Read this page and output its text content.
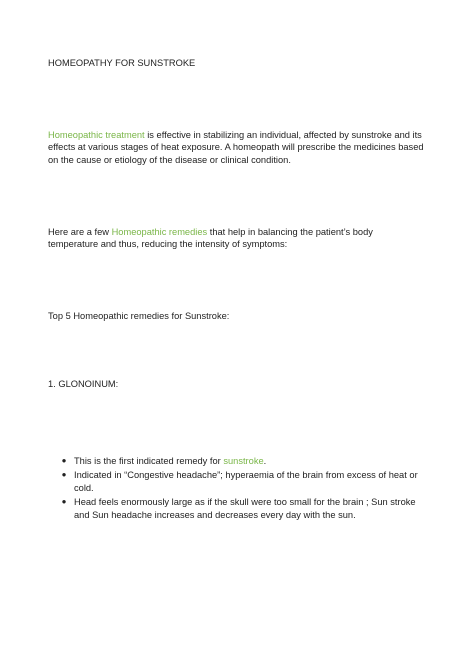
HOMEOPATHY FOR SUNSTROKE
Homeopathic treatment is effective in stabilizing an individual, affected by sunstroke and its effects at various stages of heat exposure. A homeopath will prescribe the medicines based on the cause or etiology of the disease or clinical condition.
Here are a few Homeopathic remedies that help in balancing the patient’s body temperature and thus, reducing the intensity of symptoms:
Top 5 Homeopathic remedies for Sunstroke:
1. GLONOINUM:
● This is the first indicated remedy for sunstroke.
● Indicated in “Congestive headache”; hyperaemia of the brain from excess of heat or cold.
● Head feels enormously large as if the skull were too small for the brain ; Sun stroke and Sun headache increases and decreases every day with the sun.
